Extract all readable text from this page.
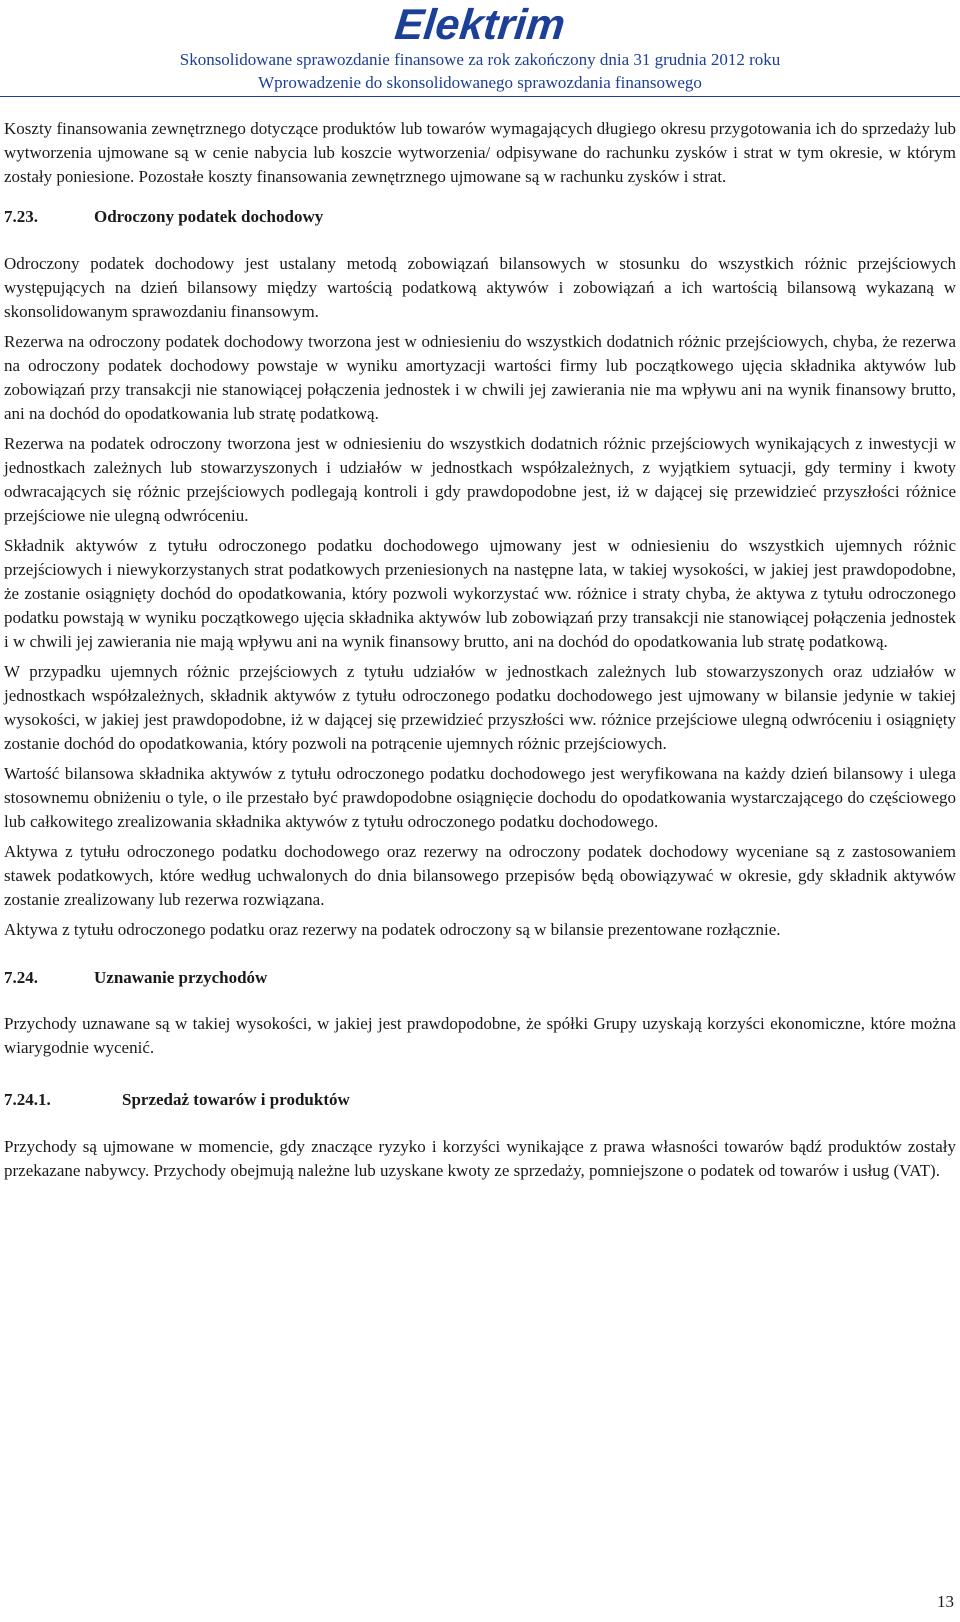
Elektrim
Skonsolidowane sprawozdanie finansowe za rok zakończony dnia 31 grudnia 2012 roku
Wprowadzenie do skonsolidowanego sprawozdania finansowego

Koszty finansowania zewnętrznego dotyczące produktów lub towarów wymagających długiego okresu przygotowania ich do sprzedaży lub wytworzenia ujmowane są w cenie nabycia lub koszcie wytworzenia/ odpisywane do rachunku zysków i strat w tym okresie, w którym zostały poniesione. Pozostałe koszty finansowania zewnętrznego ujmowane są w rachunku zysków i strat.

7.23.	Odroczony podatek dochodowy

Odroczony podatek dochodowy jest ustalany metodą zobowiązań bilansowych w stosunku do wszystkich różnic przejściowych występujących na dzień bilansowy między wartością podatkową aktywów i zobowiązań a ich wartością bilansową wykazaną w skonsolidowanym sprawozdaniu finansowym.

Rezerwa na odroczony podatek dochodowy tworzona jest w odniesieniu do wszystkich dodatnich różnic przejściowych, chyba, że rezerwa na odroczony podatek dochodowy powstaje w wyniku amortyzacji wartości firmy lub początkowego ujęcia składnika aktywów lub zobowiązań przy transakcji nie stanowiącej połączenia jednostek i w chwili jej zawierania nie ma wpływu ani na wynik finansowy brutto, ani na dochód do opodatkowania lub stratę podatkową.

Rezerwa na podatek odroczony tworzona jest w odniesieniu do wszystkich dodatnich różnic przejściowych wynikających z inwestycji w jednostkach zależnych lub stowarzyszonych i udziałów w jednostkach współzależnych, z wyjątkiem sytuacji, gdy terminy i kwoty odwracających się różnic przejściowych podlegają kontroli i gdy prawdopodobne jest, iż w dającej się przewidzieć przyszłości różnice przejściowe nie ulegną odwróceniu.

Składnik aktywów z tytułu odroczonego podatku dochodowego ujmowany jest w odniesieniu do wszystkich ujemnych różnic przejściowych i niewykorzystanych strat podatkowych przeniesionych na następne lata, w takiej wysokości, w jakiej jest prawdopodobne, że zostanie osiągnięty dochód do opodatkowania, który pozwoli wykorzystać ww. różnice i straty chyba, że aktywa z tytułu odroczonego podatku powstają w wyniku początkowego ujęcia składnika aktywów lub zobowiązań przy transakcji nie stanowiącej połączenia jednostek i w chwili jej zawierania nie mają wpływu ani na wynik finansowy brutto, ani na dochód do opodatkowania lub stratę podatkową.

W przypadku ujemnych różnic przejściowych z tytułu udziałów w jednostkach zależnych lub stowarzyszonych oraz udziałów w jednostkach współzależnych, składnik aktywów z tytułu odroczonego podatku dochodowego jest ujmowany w bilansie jedynie w takiej wysokości, w jakiej jest prawdopodobne, iż w dającej się przewidzieć przyszłości ww. różnice przejściowe ulegną odwróceniu i osiągnięty zostanie dochód do opodatkowania, który pozwoli na potrącenie ujemnych różnic przejściowych.

Wartość bilansowa składnika aktywów z tytułu odroczonego podatku dochodowego jest weryfikowana na każdy dzień bilansowy i ulega stosownemu obniżeniu o tyle, o ile przestało być prawdopodobne osiągnięcie dochodu do opodatkowania wystarczającego do częściowego lub całkowitego zrealizowania składnika aktywów z tytułu odroczonego podatku dochodowego.

Aktywa z tytułu odroczonego podatku dochodowego oraz rezerwy na odroczony podatek dochodowy wyceniane są z zastosowaniem stawek podatkowych, które według uchwalonych do dnia bilansowego przepisów będą obowiązywać w okresie, gdy składnik aktywów zostanie zrealizowany lub rezerwa rozwiązana.

Aktywa z tytułu odroczonego podatku oraz rezerwy na podatek odroczony są w bilansie prezentowane rozłącznie.

7.24.	Uznawanie przychodów

Przychody uznawane są w takiej wysokości, w jakiej jest prawdopodobne, że spółki Grupy uzyskają korzyści ekonomiczne, które można wiarygodnie wycenić.

7.24.1.	Sprzedaż towarów i produktów

Przychody są ujmowane w momencie, gdy znaczące ryzyko i korzyści wynikające z prawa własności towarów bądź produktów zostały przekazane nabywcy. Przychody obejmują należne lub uzyskane kwoty ze sprzedaży, pomniejszone o podatek od towarów i usług (VAT).

13
